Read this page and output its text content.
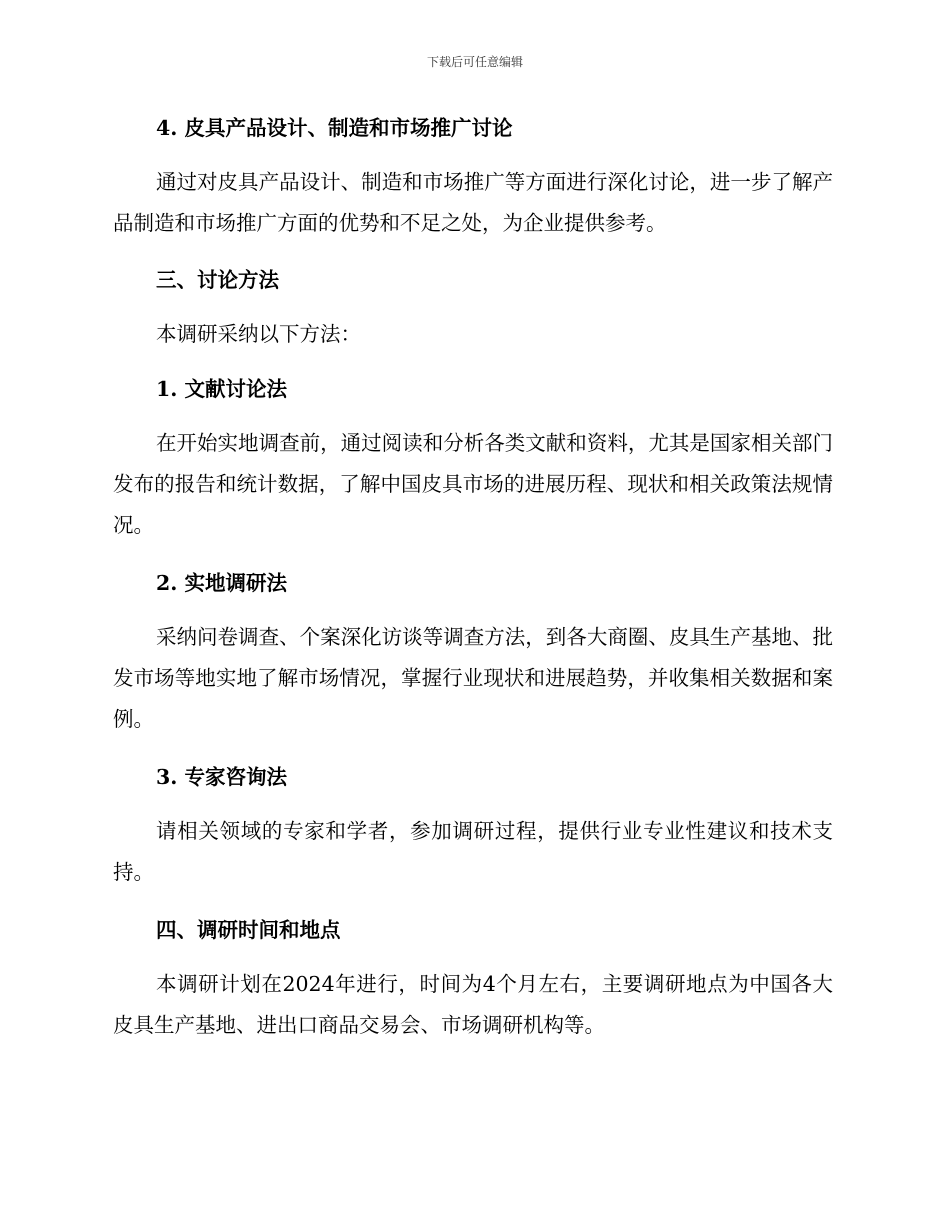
下载后可任意编辑
4. 皮具产品设计、制造和市场推广讨论

通过对皮具产品设计、制造和市场推广等方面进行深化讨论，进一步了解产品制造和市场推广方面的优势和不足之处，为企业提供参考。

三、讨论方法

本调研采纳以下方法：

1. 文献讨论法

在开始实地调查前，通过阅读和分析各类文献和资料，尤其是国家相关部门发布的报告和统计数据，了解中国皮具市场的进展历程、现状和相关政策法规情况。

2. 实地调研法

采纳问卷调查、个案深化访谈等调查方法，到各大商圈、皮具生产基地、批发市场等地实地了解市场情况，掌握行业现状和进展趋势，并收集相关数据和案例。

3. 专家咨询法

请相关领域的专家和学者，参加调研过程，提供行业专业性建议和技术支持。

四、调研时间和地点

本调研计划在2024年进行，时间为4个月左右，主要调研地点为中国各大皮具生产基地、进出口商品交易会、市场调研机构等。
